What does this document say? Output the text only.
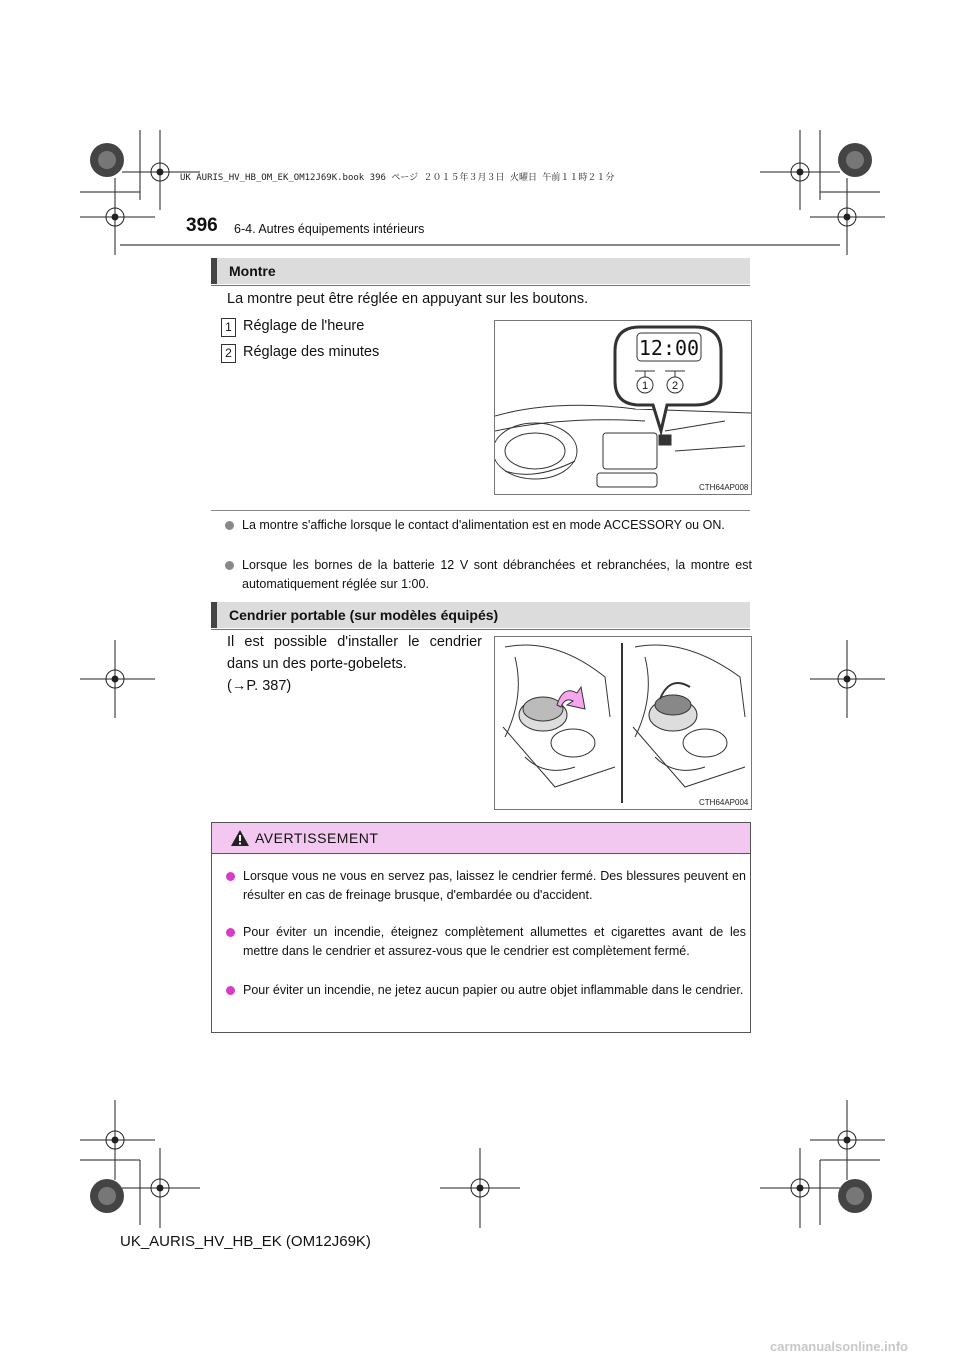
UK AURIS_HV_HB_OM_EK_OM12J69K.book 396 ページ ２０１５年３月３日 火曜日 午前１１時２１分
396 6-4. Autres équipements intérieurs
Montre
La montre peut être réglée en appuyant sur les boutons.
1 Réglage de l'heure
2 Réglage des minutes	12:00
1 2
CTH64AP008
La montre s'affiche lorsque le contact d'alimentation est en mode ACCESSORY ou ON.
Lorsque les bornes de la batterie 12 V sont débranchées et rebranchées, la montre est automatiquement réglée sur 1:00.
Cendrier portable (sur modèles équipés)
Il est possible d'installer le cendrier
dans un des porte-gobelets.
(→P. 387)
CTH64AP004
AVERTISSEMENT
Lorsque vous ne vous en servez pas, laissez le cendrier fermé. Des blessures peuvent en résulter en cas de freinage brusque, d'embardée ou d'accident.
Pour éviter un incendie, éteignez complètement allumettes et cigarettes avant de les mettre dans le cendrier et assurez-vous que le cendrier est complètement fermé.
Pour éviter un incendie, ne jetez aucun papier ou autre objet inflammable dans le cendrier.
UK_AURIS_HV_HB_EK (OM12J69K)
carmanualsonline.info
